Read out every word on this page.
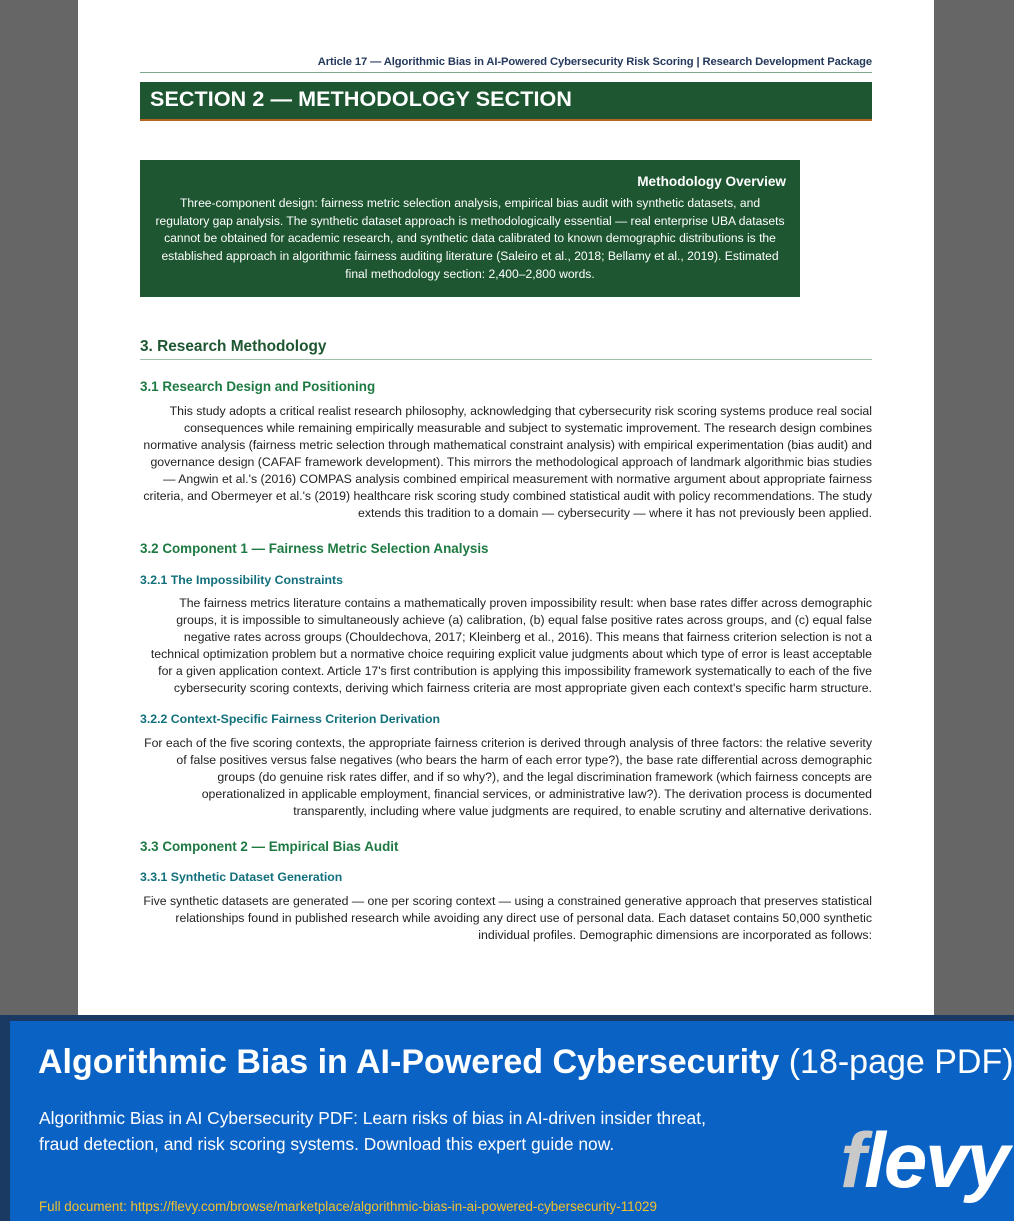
Article 17 — Algorithmic Bias in AI-Powered Cybersecurity Risk Scoring | Research Development Package
SECTION 2 — METHODOLOGY SECTION
Methodology Overview
Three-component design: fairness metric selection analysis, empirical bias audit with synthetic datasets, and regulatory gap analysis. The synthetic dataset approach is methodologically essential — real enterprise UBA datasets cannot be obtained for academic research, and synthetic data calibrated to known demographic distributions is the established approach in algorithmic fairness auditing literature (Saleiro et al., 2018; Bellamy et al., 2019). Estimated final methodology section: 2,400–2,800 words.
3. Research Methodology
3.1 Research Design and Positioning
This study adopts a critical realist research philosophy, acknowledging that cybersecurity risk scoring systems produce real social consequences while remaining empirically measurable and subject to systematic improvement. The research design combines normative analysis (fairness metric selection through mathematical constraint analysis) with empirical experimentation (bias audit) and governance design (CAFAF framework development). This mirrors the methodological approach of landmark algorithmic bias studies — Angwin et al.'s (2016) COMPAS analysis combined empirical measurement with normative argument about appropriate fairness criteria, and Obermeyer et al.'s (2019) healthcare risk scoring study combined statistical audit with policy recommendations. The study extends this tradition to a domain — cybersecurity — where it has not previously been applied.
3.2 Component 1 — Fairness Metric Selection Analysis
3.2.1 The Impossibility Constraints
The fairness metrics literature contains a mathematically proven impossibility result: when base rates differ across demographic groups, it is impossible to simultaneously achieve (a) calibration, (b) equal false positive rates across groups, and (c) equal false negative rates across groups (Chouldechova, 2017; Kleinberg et al., 2016). This means that fairness criterion selection is not a technical optimization problem but a normative choice requiring explicit value judgments about which type of error is least acceptable for a given application context. Article 17's first contribution is applying this impossibility framework systematically to each of the five cybersecurity scoring contexts, deriving which fairness criteria are most appropriate given each context's specific harm structure.
3.2.2 Context-Specific Fairness Criterion Derivation
For each of the five scoring contexts, the appropriate fairness criterion is derived through analysis of three factors: the relative severity of false positives versus false negatives (who bears the harm of each error type?), the base rate differential across demographic groups (do genuine risk rates differ, and if so why?), and the legal discrimination framework (which fairness concepts are operationalized in applicable employment, financial services, or administrative law?). The derivation process is documented transparently, including where value judgments are required, to enable scrutiny and alternative derivations.
3.3 Component 2 — Empirical Bias Audit
3.3.1 Synthetic Dataset Generation
Five synthetic datasets are generated — one per scoring context — using a constrained generative approach that preserves statistical relationships found in published research while avoiding any direct use of personal data. Each dataset contains 50,000 synthetic individual profiles. Demographic dimensions are incorporated as follows:
Algorithmic Bias in AI-Powered Cybersecurity (18-page PDF)
Algorithmic Bias in AI Cybersecurity PDF: Learn risks of bias in AI-driven insider threat, fraud detection, and risk scoring systems. Download this expert guide now.
Full document: https://flevy.com/browse/marketplace/algorithmic-bias-in-ai-powered-cybersecurity-11029
flevy
